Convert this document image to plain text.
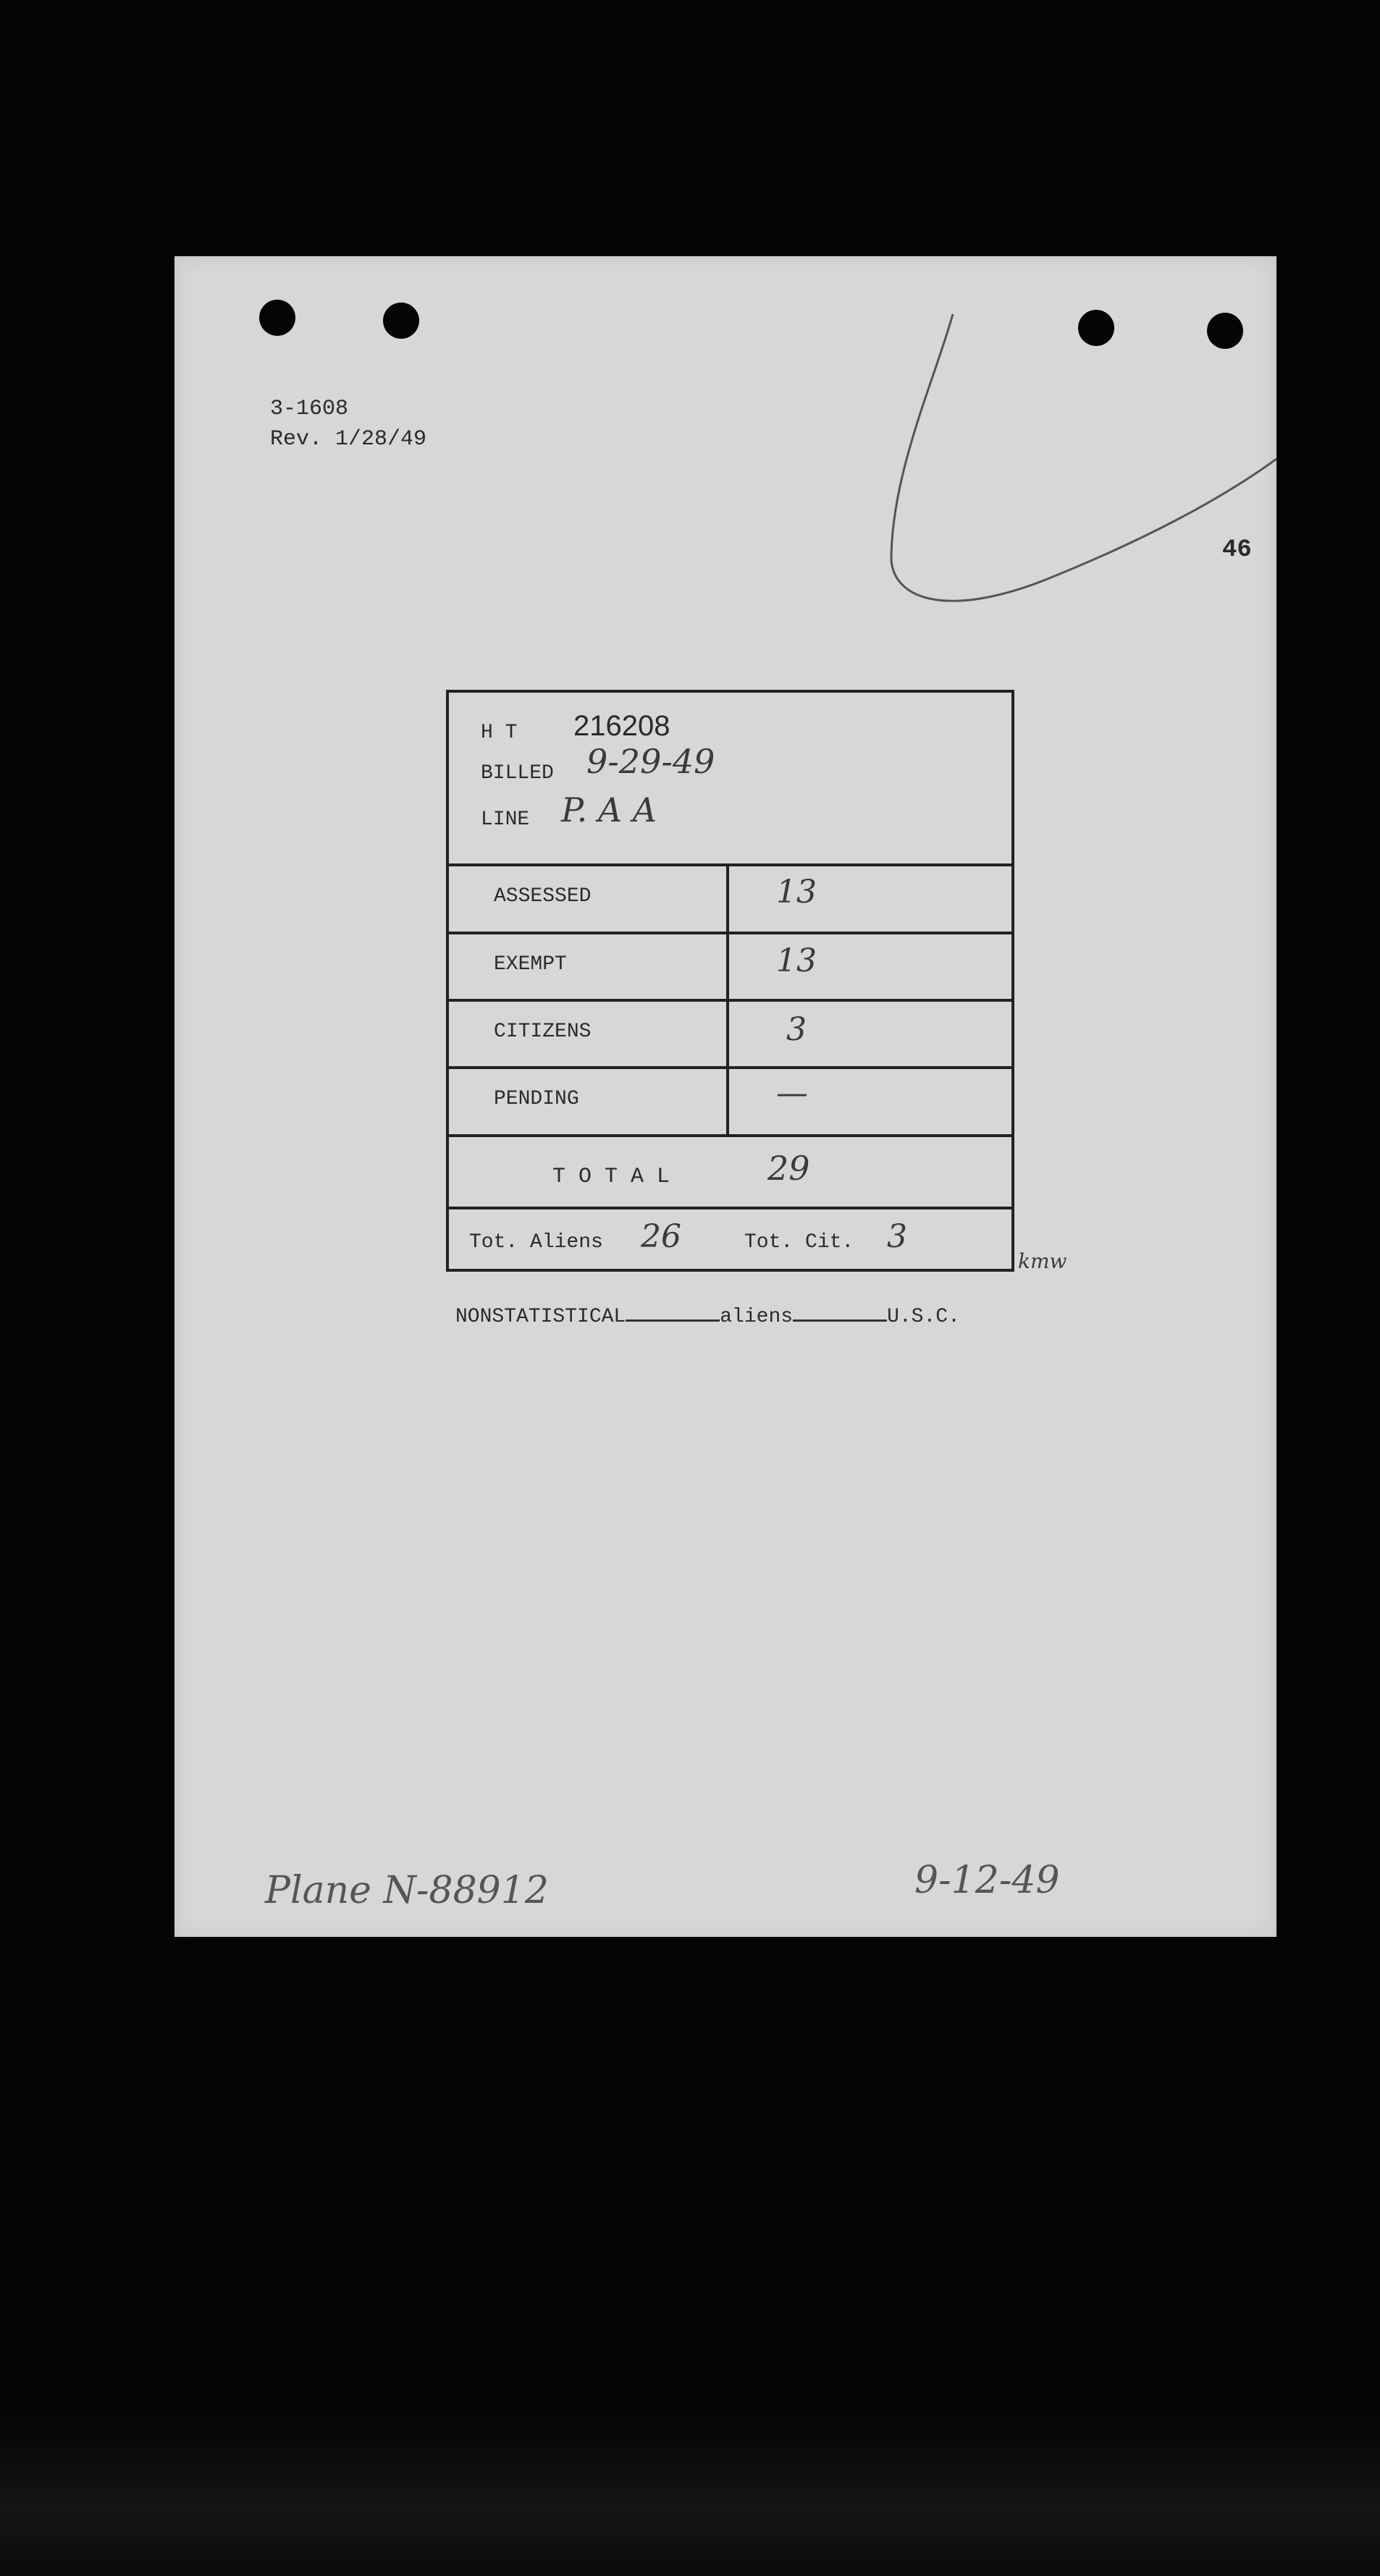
3-1608
Rev. 1/28/49
46
H T 216208
BILLED 9-29-49
LINE P. A A
ASSESSED	13
EXEMPT	13
CITIZENS	3
PENDING	—
T O T A L	29
Tot. Aliens 26	Tot. Cit. 3
kmw
NONSTATISTICAL	aliens	U.S.C.
Plane N-88912	9-12-49
